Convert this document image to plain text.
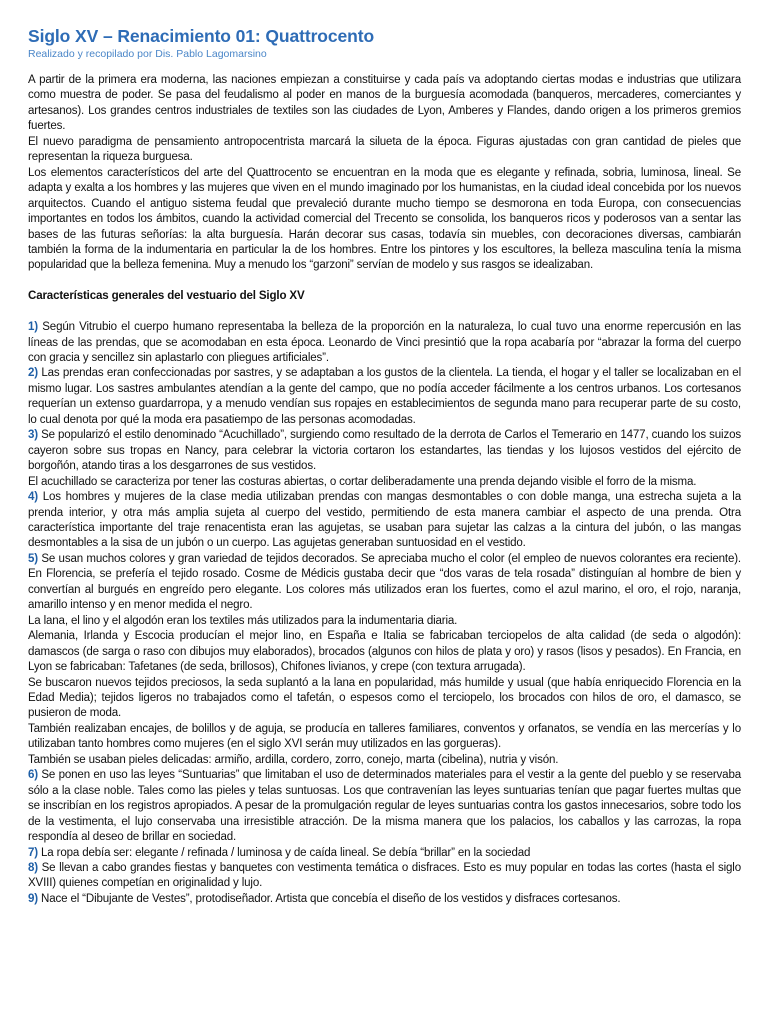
Siglo XV – Renacimiento 01: Quattrocento
Realizado y recopilado por Dis. Pablo Lagomarsino

A partir de la primera era moderna, las naciones empiezan a constituirse y cada país va adoptando ciertas modas e industrias que utilizara como muestra de poder. Se pasa del feudalismo al poder en manos de la burguesía acomodada (banqueros, mercaderes, comerciantes y artesanos). Los grandes centros industriales de textiles son las ciudades de Lyon, Amberes y Flandes, dando origen a los primeros gremios fuertes.

El nuevo paradigma de pensamiento antropocentrista marcará la silueta de la época. Figuras ajustadas con gran cantidad de pieles que representan la riqueza burguesa.

Los elementos característicos del arte del Quattrocento se encuentran en la moda que es elegante y refinada, sobria, luminosa, lineal. Se adapta y exalta a los hombres y las mujeres que viven en el mundo imaginado por los humanistas, en la ciudad ideal concebida por los nuevos arquitectos. Cuando el antiguo sistema feudal que prevaleció durante mucho tiempo se desmorona en toda Europa, con consecuencias importantes en todos los ámbitos, cuando la actividad comercial del Trecento se consolida, los banqueros ricos y poderosos van a sentar las bases de las futuras señorías: la alta burguesía. Harán decorar sus casas, todavía sin muebles, con decoraciones diversas, cambiarán también la forma de la indumentaria en particular la de los hombres. Entre los pintores y los escultores, la belleza masculina tenía la misma popularidad que la belleza femenina. Muy a menudo los “garzoni” servían de modelo y sus rasgos se idealizaban.

Características generales del vestuario del Siglo XV

1) Según Vitrubio el cuerpo humano representaba la belleza de la proporción en la naturaleza, lo cual tuvo una enorme repercusión en las líneas de las prendas, que se acomodaban en esta época. Leonardo de Vinci presintió que la ropa acabaría por “abrazar la forma del cuerpo con gracia y sencillez sin aplastarlo con pliegues artificiales”.

2) Las prendas eran confeccionadas por sastres, y se adaptaban a los gustos de la clientela. La tienda, el hogar y el taller se localizaban en el mismo lugar. Los sastres ambulantes atendían a la gente del campo, que no podía acceder fácilmente a los centros urbanos. Los cortesanos requerían un extenso guardarropa, y a menudo vendían sus ropajes en establecimientos de segunda mano para recuperar parte de su costo, lo cual denota por qué la moda era pasatiempo de las personas acomodadas.

3) Se popularizó el estilo denominado “Acuchillado”, surgiendo como resultado de la derrota de Carlos el Temerario en 1477, cuando los suizos cayeron sobre sus tropas en Nancy, para celebrar la victoria cortaron los estandartes, las tiendas y los lujosos vestidos del ejército de borgoñón, atando tiras a los desgarrones de sus vestidos.

El acuchillado se caracteriza por tener las costuras abiertas, o cortar deliberadamente una prenda dejando visible el forro de la misma.

4) Los hombres y mujeres de la clase media utilizaban prendas con mangas desmontables o con doble manga, una estrecha sujeta a la prenda interior, y otra más amplia sujeta al cuerpo del vestido, permitiendo de esta manera cambiar el aspecto de una prenda. Otra característica importante del traje renacentista eran las agujetas, se usaban para sujetar las calzas a la cintura del jubón, o las mangas desmontables a la sisa de un jubón o un cuerpo. Las agujetas generaban suntuosidad en el vestido.

5) Se usan muchos colores y gran variedad de tejidos decorados. Se apreciaba mucho el color (el empleo de nuevos colorantes era reciente). En Florencia, se prefería el tejido rosado. Cosme de Médicis gustaba decir que “dos varas de tela rosada” distinguían al hombre de bien y convertían al burgués en engreído pero elegante. Los colores más utilizados eran los fuertes, como el azul marino, el oro, el rojo, naranja, amarillo intenso y en menor medida el negro.

La lana, el lino y el algodón eran los textiles más utilizados para la indumentaria diaria.

Alemania, Irlanda y Escocia producían el mejor lino, en España e Italia se fabricaban terciopelos de alta calidad (de seda o algodón): damascos (de sarga o raso con dibujos muy elaborados), brocados (algunos con hilos de plata y oro) y rasos (lisos y pesados). En Francia, en Lyon se fabricaban: Tafetanes (de seda, brillosos), Chifones livianos, y crepe (con textura arrugada).

Se buscaron nuevos tejidos preciosos, la seda suplantó a la lana en popularidad, más humilde y usual (que había enriquecido Florencia en la Edad Media); tejidos ligeros no trabajados como el tafetán, o espesos como el terciopelo, los brocados con hilos de oro, el damasco, se pusieron de moda.

También realizaban encajes, de bolillos y de aguja, se producía en talleres familiares, conventos y orfanatos, se vendía en las mercerías y lo utilizaban tanto hombres como mujeres (en el siglo XVI serán muy utilizados en las gorgueras).

También se usaban pieles delicadas: armiño, ardilla, cordero, zorro, conejo, marta (cibelina), nutria y visón.

6) Se ponen en uso las leyes “Suntuarias” que limitaban el uso de determinados materiales para el vestir a la gente del pueblo y se reservaba sólo a la clase noble. Tales como las pieles y telas suntuosas. Los que contravenían las leyes suntuarias tenían que pagar fuertes multas que se inscribían en los registros apropiados. A pesar de la promulgación regular de leyes suntuarias contra los gastos innecesarios, sobre todo los de la vestimenta, el lujo conservaba una irresistible atracción. De la misma manera que los palacios, los caballos y las carrozas, la ropa respondía al deseo de brillar en sociedad.

7) La ropa debía ser: elegante / refinada / luminosa y de caída lineal. Se debía “brillar” en la sociedad

8) Se llevan a cabo grandes fiestas y banquetes con vestimenta temática o disfraces. Esto es muy popular en todas las cortes (hasta el siglo XVIII) quienes competían en originalidad y lujo.

9) Nace el “Dibujante de Vestes”, protodiseñador. Artista que concebía el diseño de los vestidos y disfraces cortesanos.
